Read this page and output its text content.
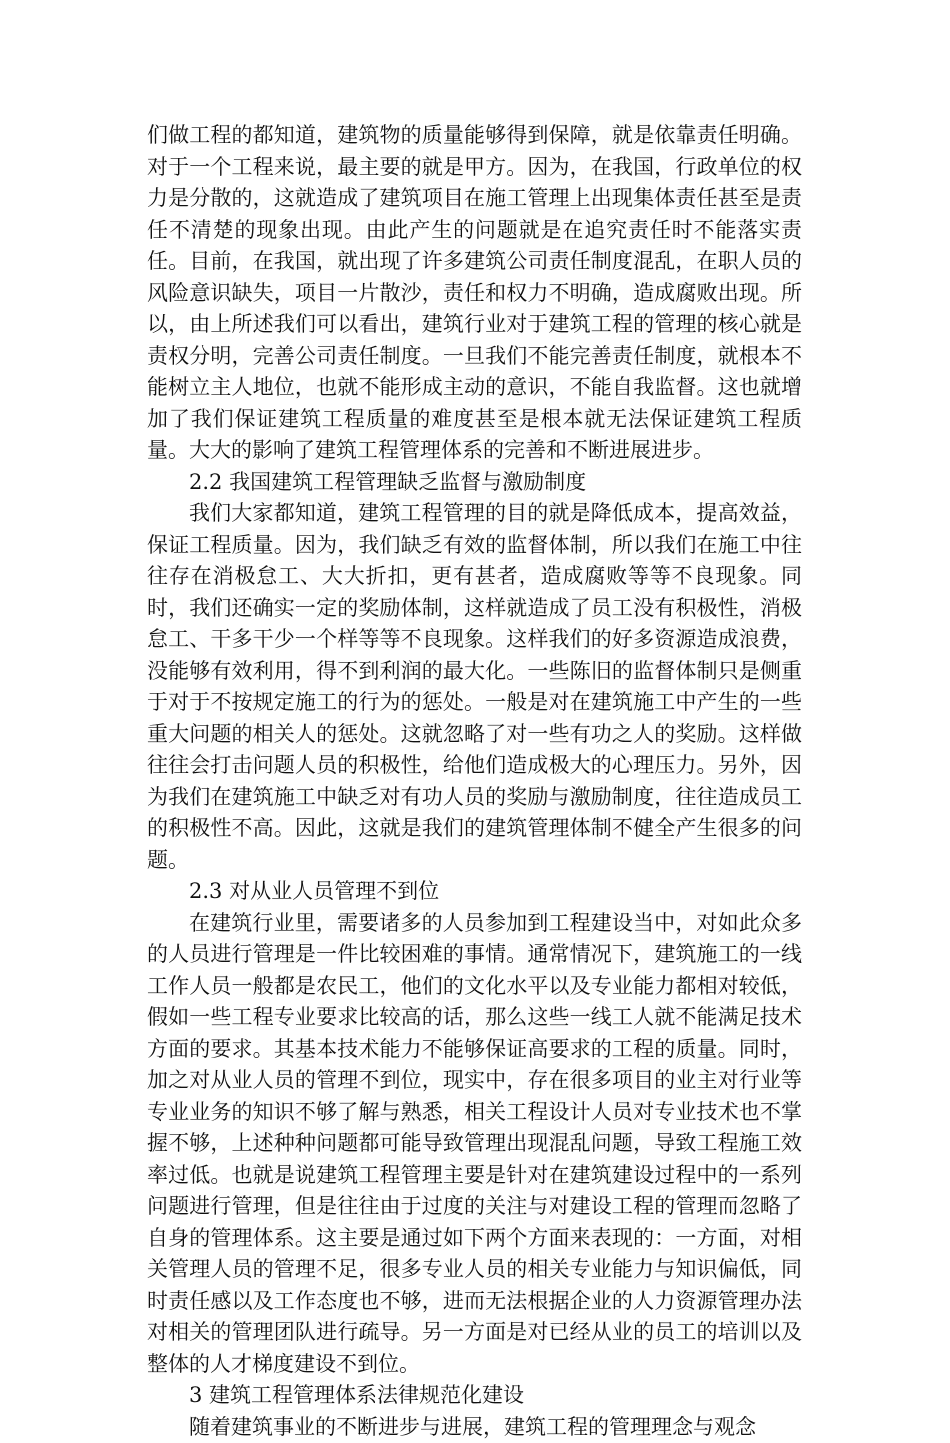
们做工程的都知道，建筑物的质量能够得到保障，就是依靠责任明确。对于一个工程来说，最主要的就是甲方。因为，在我国，行政单位的权力是分散的，这就造成了建筑项目在施工管理上出现集体责任甚至是责任不清楚的现象出现。由此产生的问题就是在追究责任时不能落实责任。目前，在我国，就出现了许多建筑公司责任制度混乱，在职人员的风险意识缺失，项目一片散沙，责任和权力不明确，造成腐败出现。所以，由上所述我们可以看出，建筑行业对于建筑工程的管理的核心就是责权分明，完善公司责任制度。一旦我们不能完善责任制度，就根本不能树立主人地位，也就不能形成主动的意识，不能自我监督。这也就增加了我们保证建筑工程质量的难度甚至是根本就无法保证建筑工程质量。大大的影响了建筑工程管理体系的完善和不断进展进步。

2.2 我国建筑工程管理缺乏监督与激励制度

我们大家都知道，建筑工程管理的目的就是降低成本，提高效益，保证工程质量。因为，我们缺乏有效的监督体制，所以我们在施工中往往存在消极怠工、大大折扣，更有甚者，造成腐败等等不良现象。同时，我们还确实一定的奖励体制，这样就造成了员工没有积极性，消极怠工、干多干少一个样等等不良现象。这样我们的好多资源造成浪费，没能够有效利用，得不到利润的最大化。一些陈旧的监督体制只是侧重于对于不按规定施工的行为的惩处。一般是对在建筑施工中产生的一些重大问题的相关人的惩处。这就忽略了对一些有功之人的奖励。这样做往往会打击问题人员的积极性，给他们造成极大的心理压力。另外，因为我们在建筑施工中缺乏对有功人员的奖励与激励制度，往往造成员工的积极性不高。因此，这就是我们的建筑管理体制不健全产生很多的问题。

2.3 对从业人员管理不到位

在建筑行业里，需要诸多的人员参加到工程建设当中，对如此众多的人员进行管理是一件比较困难的事情。通常情况下，建筑施工的一线工作人员一般都是农民工，他们的文化水平以及专业能力都相对较低，假如一些工程专业要求比较高的话，那么这些一线工人就不能满足技术方面的要求。其基本技术能力不能够保证高要求的工程的质量。同时，加之对从业人员的管理不到位，现实中，存在很多项目的业主对行业等专业业务的知识不够了解与熟悉，相关工程设计人员对专业技术也不掌握不够，上述种种问题都可能导致管理出现混乱问题，导致工程施工效率过低。也就是说建筑工程管理主要是针对在建筑建设过程中的一系列问题进行管理，但是往往由于过度的关注与对建设工程的管理而忽略了自身的管理体系。这主要是通过如下两个方面来表现的：一方面，对相关管理人员的管理不足，很多专业人员的相关专业能力与知识偏低，同时责任感以及工作态度也不够，进而无法根据企业的人力资源管理办法对相关的管理团队进行疏导。另一方面是对已经从业的员工的培训以及整体的人才梯度建设不到位。

3 建筑工程管理体系法律规范化建设

随着建筑事业的不断进步与进展，建筑工程的管理理念与观念
